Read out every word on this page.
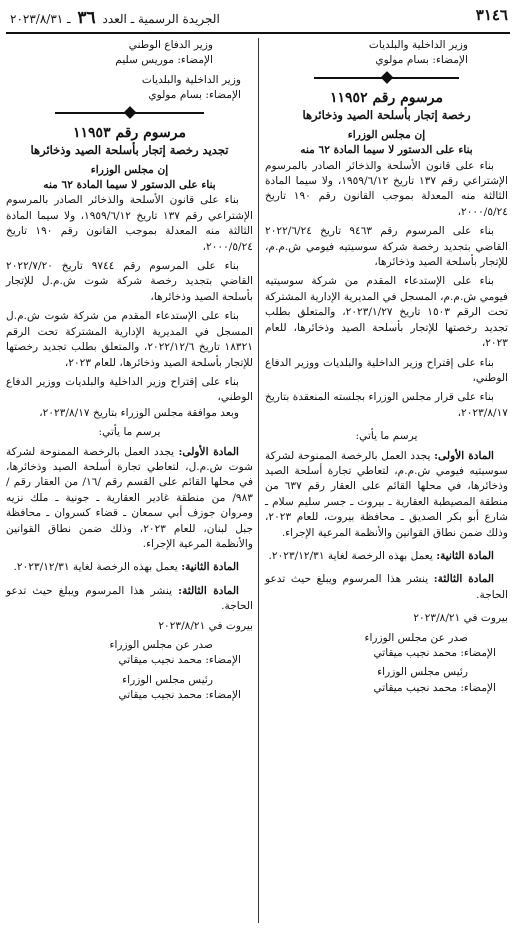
٣١٤٦
الجريدة الرسمية ـ العدد ٣٦ ـ ٢٠٢٣/٨/٣١

وزير الداخلية والبلديات

الإمضاء: بسام مولوي

مرسوم رقم ١١٩٥٢

رخصة إتجار بأسلحة الصيد وذخائرها

إن مجلس الوزراء

بناء على الدستور لا سيما المادة ٦٢ منه

بناء على قانون الأسلحة والذخائر الصادر بالمرسوم الإشتراعي رقم ١٣٧ تاريخ ١٩٥٩/٦/١٢، ولا سيما المادة الثالثة منه المعدلة بموجب القانون رقم ١٩٠ تاريخ ٢٠٠٠/٥/٢٤،

بناء على المرسوم رقم ٩٤٦٣ تاريخ ٢٠٢٢/٦/٢٤ القاضي بتجديد رخصة شركة سوسيتيه فيومي ش.م.م، للإتجار بأسلحة الصيد وذخائرها،

بناء على الإستدعاء المقدم من شركة سوسيتيه فيومي ش.م.م، المسجل في المديرية الإدارية المشتركة تحت الرقم ١٥٠٣ تاريخ ٢٠٢٣/١/٢٧، والمتعلق بطلب تجديد رخصتها للإتجار بأسلحة الصيد وذخائرها، للعام ٢٠٢٣،

بناء على إقتراح وزير الداخلية والبلديات ووزير الدفاع الوطني،

بناء على قرار مجلس الوزراء بجلسته المنعقدة بتاريخ ٢٠٢٣/٨/١٧،

يرسم ما يأتي:

المادة الأولى: يجدد العمل بالرخصة الممنوحة لشركة سوسيتيه فيومي ش.م.م، لتعاطي تجارة أسلحة الصيد وذخائرها، في محلها القائم على العقار رقم ٦٣٧ من منطقة المصيطبة العقارية ـ بيروت ـ جسر سليم سلام ـ شارع أبو بكر الصديق ـ محافظة بيروت، للعام ٢٠٢٣، وذلك ضمن نطاق القوانين والأنظمة المرعية الإجراء.

المادة الثانية: يعمل بهذه الرخصة لغاية ٢٠٢٣/١٢/٣١.

المادة الثالثة: ينشر هذا المرسوم ويبلغ حيث تدعو الحاجة.

بيروت في ٢٠٢٣/٨/٢١

صدر عن مجلس الوزراء

الإمضاء: محمد نجيب ميقاتي

رئيس مجلس الوزراء

الإمضاء: محمد نجيب ميقاتي

وزير الدفاع الوطني

الإمضاء: موريس سليم

وزير الداخلية والبلديات

الإمضاء: بسام مولوي

مرسوم رقم ١١٩٥٣

تجديد رخصة إتجار بأسلحة الصيد وذخائرها

إن مجلس الوزراء

بناء على الدستور لا سيما المادة ٦٢ منه

بناء على قانون الأسلحة والذخائر الصادر بالمرسوم الإشتراعي رقم ١٣٧ تاريخ ١٩٥٩/٦/١٢، ولا سيما المادة الثالثة منه المعدلة بموجب القانون رقم ١٩٠ تاريخ ٢٠٠٠/٥/٢٤،

بناء على المرسوم رقم ٩٧٤٤ تاريخ ٢٠٢٢/٧/٢٠ القاضي بتجديد رخصة شركة شوت ش.م.ل للإتجار بأسلحة الصيد وذخائرها،

بناء على الإستدعاء المقدم من شركة شوت ش.م.ل المسجل في المديرية الإدارية المشتركة تحت الرقم ١٨٣٢١ تاريخ ٢٠٢٢/١٢/٦، والمتعلق بطلب تجديد رخصتها للإتجار بأسلحة الصيد وذخائرها، للعام ٢٠٢٣،

بناء على إقتراح وزير الداخلية والبلديات ووزير الدفاع الوطني،

وبعد موافقة مجلس الوزراء بتاريخ ٢٠٢٣/٨/١٧،

يرسم ما يأتي:

المادة الأولى: يجدد العمل بالرخصة الممنوحة لشركة شوت ش.م.ل، لتعاطي تجارة أسلحة الصيد وذخائرها، في محلها القائم على القسم رقم /١٦/ من العقار رقم /٩٨٣/ من منطقة غادير العقارية ـ جونية ـ ملك نزيه ومروان جوزف أبي سمعان ـ قضاء كسروان ـ محافظة جبل لبنان، للعام ٢٠٢٣، وذلك ضمن نطاق القوانين والأنظمة المرعية الإجراء.

المادة الثانية: يعمل بهذه الرخصة لغاية ٢٠٢٣/١٢/٣١.

المادة الثالثة: ينشر هذا المرسوم ويبلغ حيث تدعو الحاجة.

بيروت في ٢٠٢٣/٨/٢١

صدر عن مجلس الوزراء

الإمضاء: محمد نجيب ميقاتي

رئيس مجلس الوزراء

الإمضاء: محمد نجيب ميقاتي
